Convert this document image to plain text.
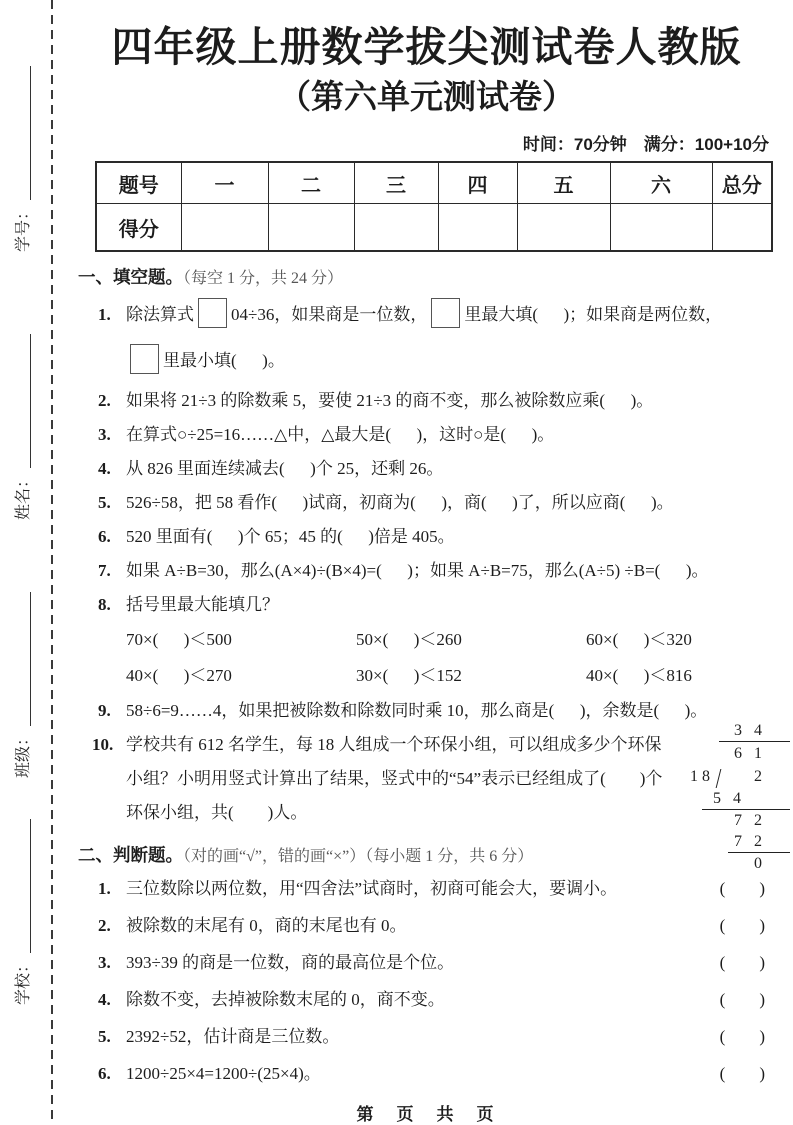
学号：
姓名：
班级：
学校：
四年级上册数学拔尖测试卷人教版
（第六单元测试卷）
时间：70分钟　满分：100+10分
题号	一	二	三	四	五	六	总分
得分							
一、填空题。（每空 1 分，共 24 分）
1. 除法算式 04÷36，如果商是一位数， 里最大填(      )；如果商是两位数，
里最小填(      )。
2. 如果将 21÷3 的除数乘 5，要使 21÷3 的商不变，那么被除数应乘(      )。
3. 在算式○÷25=16……△中，△最大是(      )，这时○是(      )。
4. 从 826 里面连续减去(      )个 25，还剩 26。
5. 526÷58，把 58 看作(      )试商，初商为(      )，商(      )了，所以应商(      )。
6. 520 里面有(      )个 65；45 的(      )倍是 405。
7. 如果 A÷B=30，那么(A×4)÷(B×4)=(      )；如果 A÷B=75，那么(A÷5) ÷B=(      )。
8. 括号里最大能填几？
70×(      )＜500	50×(      )＜260	60×(      )＜320
40×(      )＜270	30×(      )＜152	40×(      )＜816
9. 58÷6=9……4，如果把被除数和除数同时乘 10，那么商是(      )，余数是(      )。
10. 学校共有 612 名学生，每 18 人组成一个环保小组，可以组成多少个环保小组？小明用竖式计算出了结果，竖式中的“54”表示已经组成了(        )个环保小组，共(        )人。
3 4
18
6 1 2
5 4
7 2
7 2
0
二、判断题。（对的画“√”，错的画“×”）（每小题 1 分，共 6 分）
1. 三位数除以两位数，用“四舍法”试商时，初商可能会大，要调小。	(        )
2. 被除数的末尾有 0，商的末尾也有 0。	(        )
3. 393÷39 的商是一位数，商的最高位是个位。	(        )
4. 除数不变，去掉被除数末尾的 0，商不变。	(        )
5. 2392÷52，估计商是三位数。	(        )
6. 1200÷25×4=1200÷(25×4)。	(        )
第　页　共　页
